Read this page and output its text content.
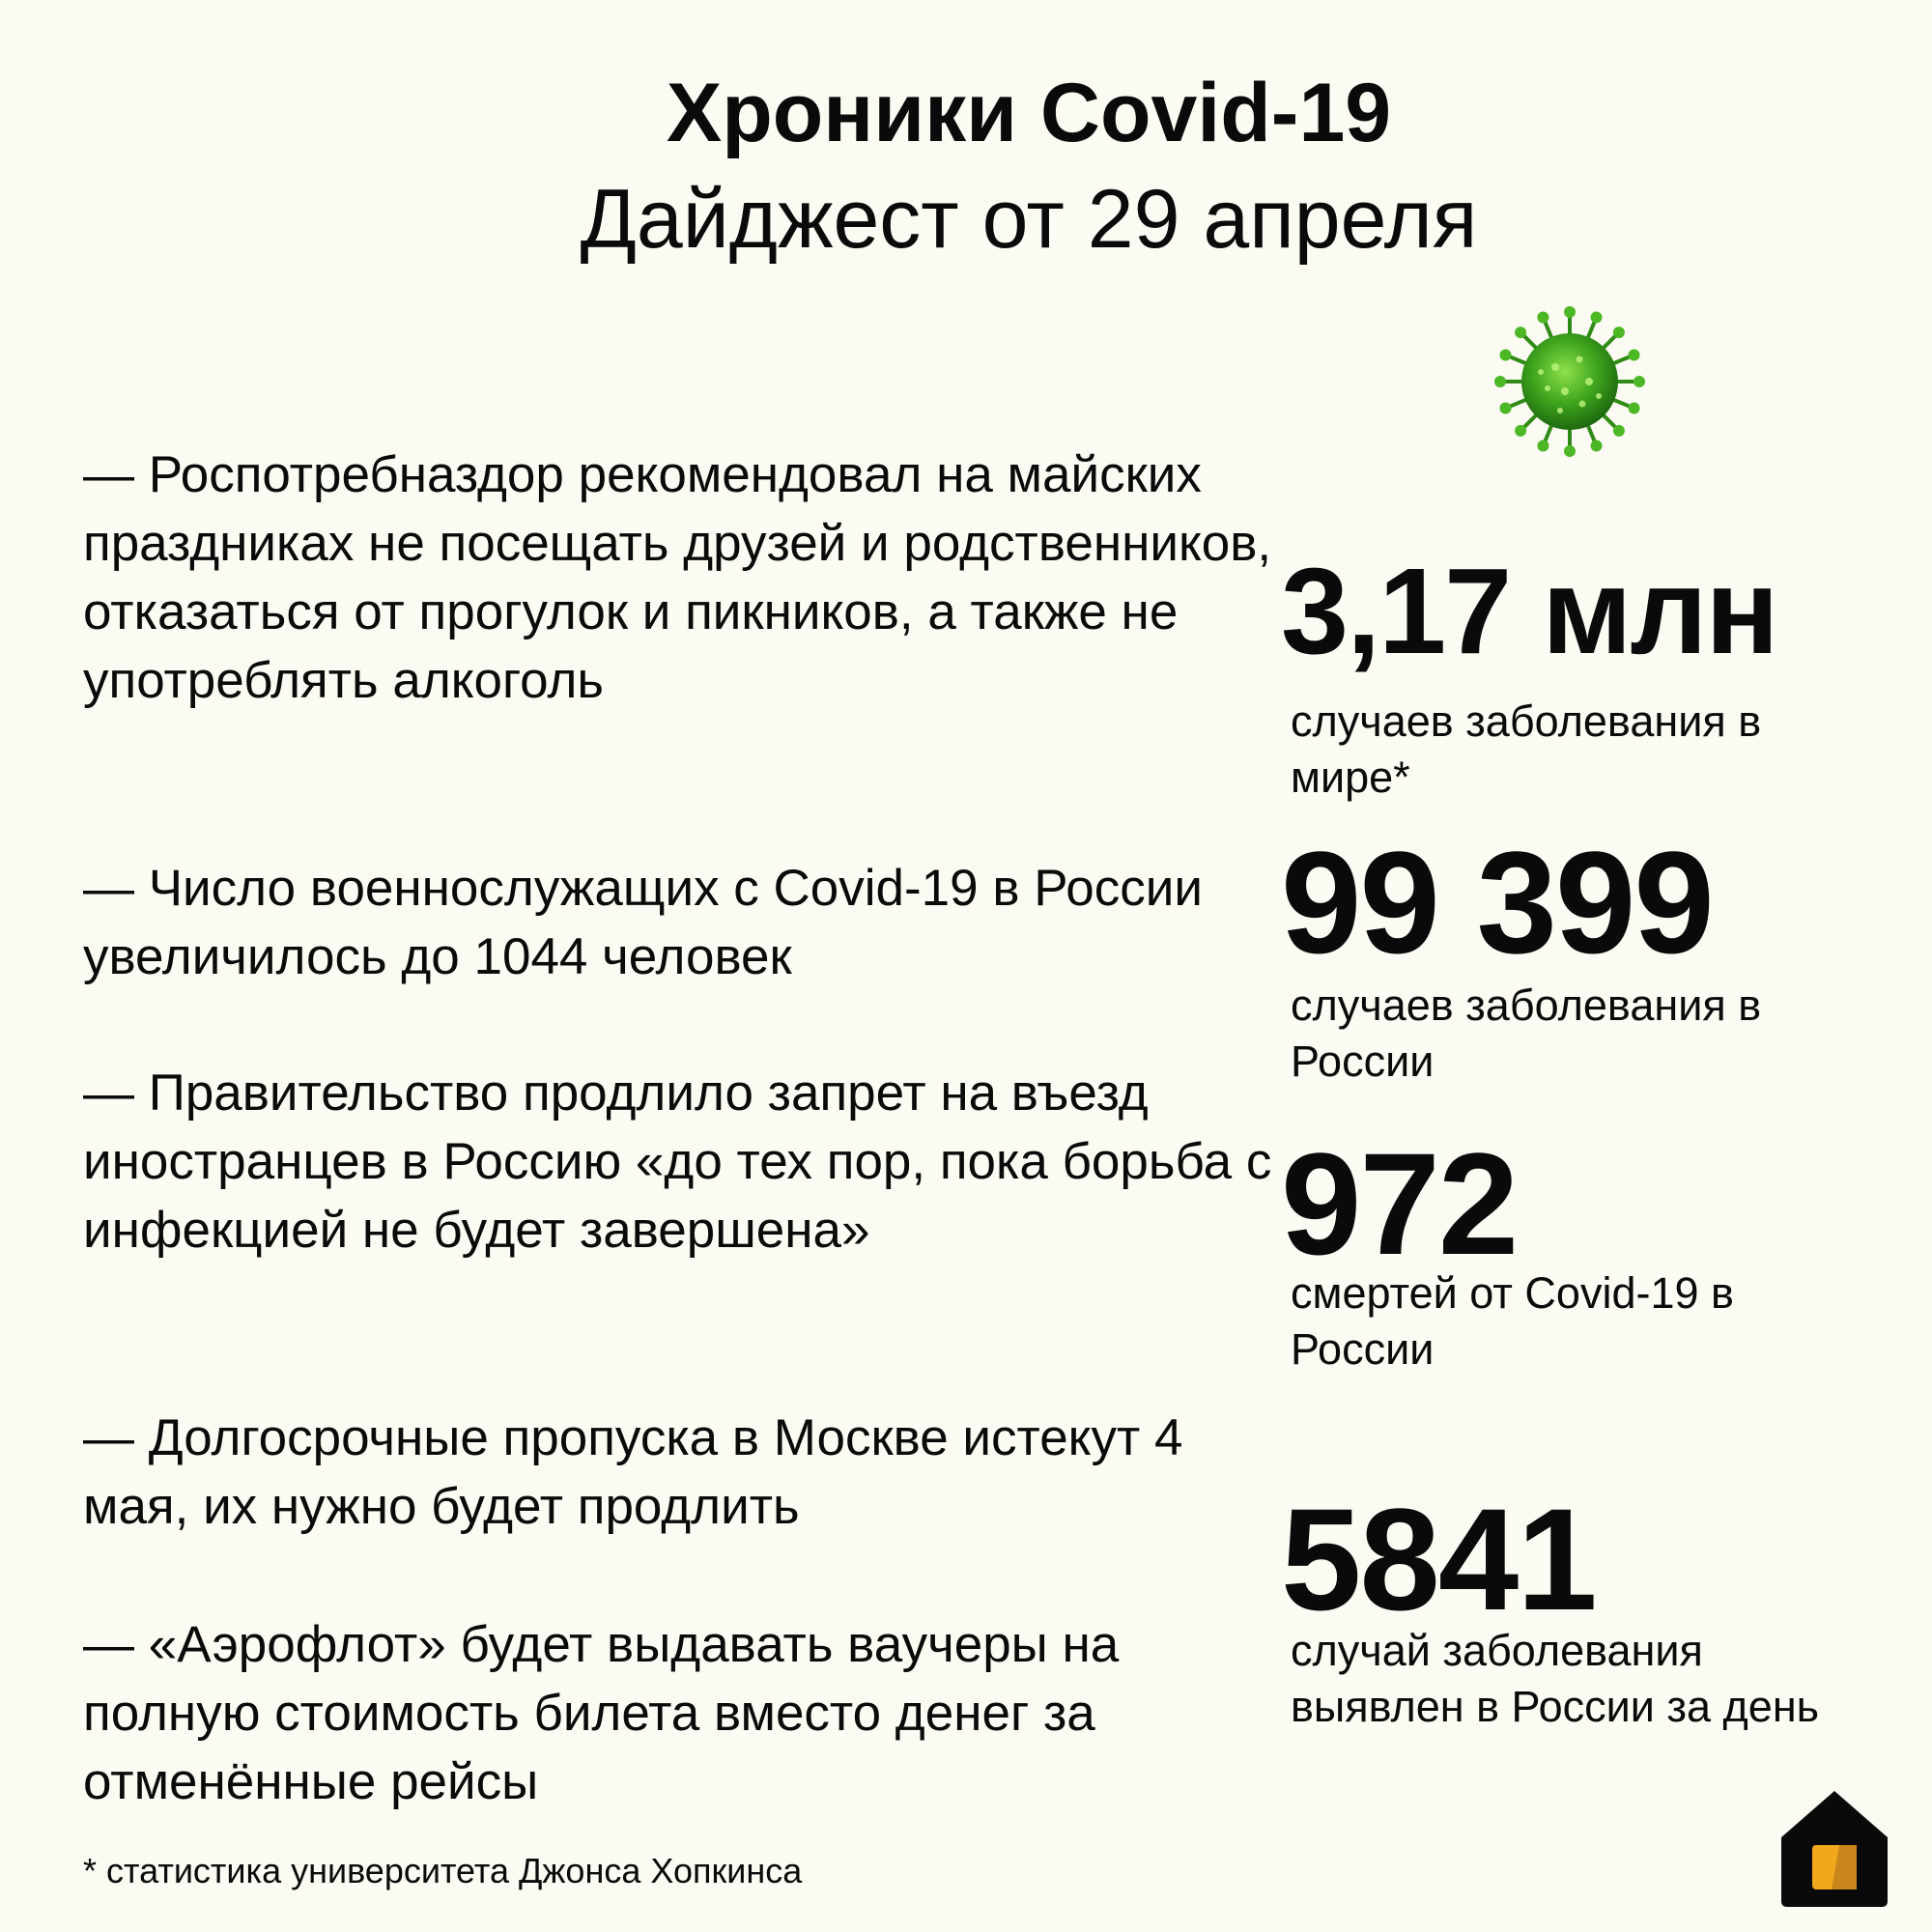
Хроники Covid-19
Дайджест от 29 апреля

— Роспотребназдор рекомендовал на майских праздниках не посещать друзей и родственников, отказаться от прогулок и пикников, а также не употреблять алкоголь

— Число военнослужащих с Covid-19 в России увеличилось до 1044 человек

— Правительство продлило запрет на въезд иностранцев в Россию «до тех пор, пока борьба с инфекцией не будет завершена»

— Долгосрочные пропуска в Москве истекут 4 мая, их нужно будет продлить

— «Аэрофлот» будет выдавать ваучеры на полную стоимость билета вместо денег за отменённые рейсы

3,17 млн
случаев заболевания в мире*
99 399
случаев заболевания в России
972
смертей от Covid-19 в России
5841
случай заболевания выявлен в России за день
* статистика университета Джонса Хопкинса
